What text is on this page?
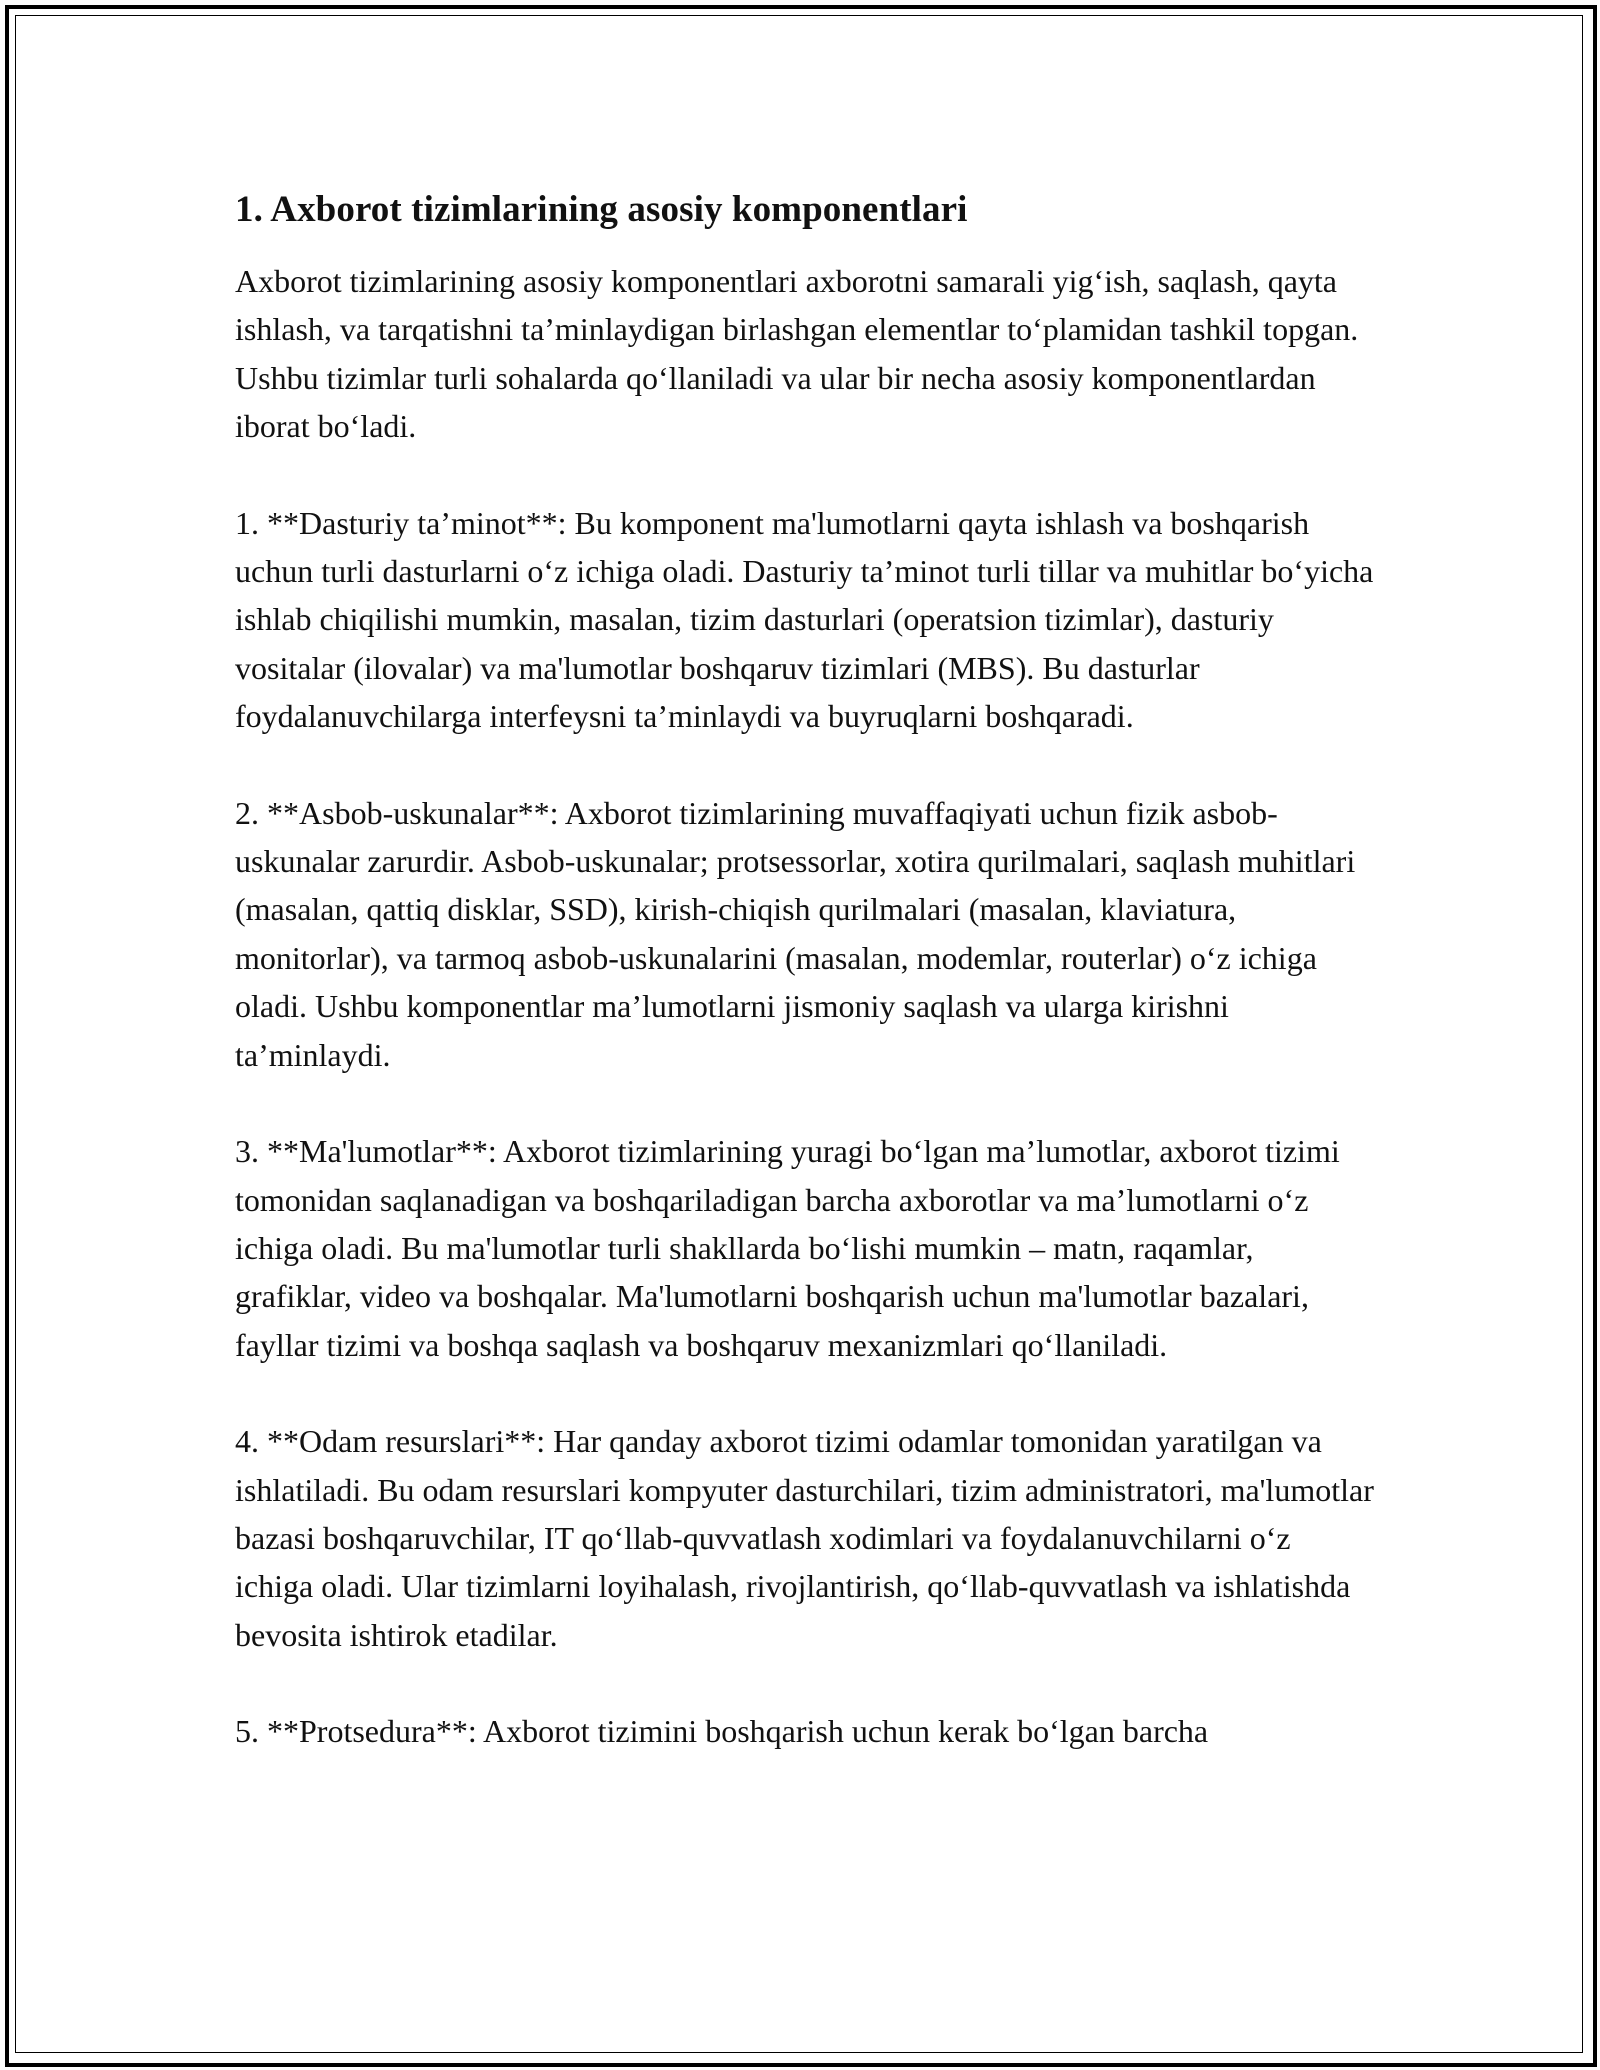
1. Axborot tizimlarining asosiy komponentlari

Axborot tizimlarining asosiy komponentlari axborotni samarali yig‘ish, saqlash, qayta ishlash, va tarqatishni ta’minlaydigan birlashgan elementlar to‘plamidan tashkil topgan. Ushbu tizimlar turli sohalarda qo‘llaniladi va ular bir necha asosiy komponentlardan iborat bo‘ladi.

1. **Dasturiy ta’minot**: Bu komponent ma'lumotlarni qayta ishlash va boshqarish uchun turli dasturlarni o‘z ichiga oladi. Dasturiy ta’minot turli tillar va muhitlar bo‘yicha ishlab chiqilishi mumkin, masalan, tizim dasturlari (operatsion tizimlar), dasturiy vositalar (ilovalar) va ma'lumotlar boshqaruv tizimlari (MBS). Bu dasturlar foydalanuvchilarga interfeysni ta’minlaydi va buyruqlarni boshqaradi.

2. **Asbob-uskunalar**: Axborot tizimlarining muvaffaqiyati uchun fizik asbob-uskunalar zarurdir. Asbob-uskunalar; protsessorlar, xotira qurilmalari, saqlash muhitlari (masalan, qattiq disklar, SSD), kirish-chiqish qurilmalari (masalan, klaviatura, monitorlar), va tarmoq asbob-uskunalarini (masalan, modemlar, routerlar) o‘z ichiga oladi. Ushbu komponentlar ma’lumotlarni jismoniy saqlash va ularga kirishni ta’minlaydi.

3. **Ma'lumotlar**: Axborot tizimlarining yuragi bo‘lgan ma’lumotlar, axborot tizimi tomonidan saqlanadigan va boshqariladigan barcha axborotlar va ma’lumotlarni o‘z ichiga oladi. Bu ma'lumotlar turli shakllarda bo‘lishi mumkin – matn, raqamlar, grafiklar, video va boshqalar. Ma'lumotlarni boshqarish uchun ma'lumotlar bazalari, fayllar tizimi va boshqa saqlash va boshqaruv mexanizmlari qo‘llaniladi.

4. **Odam resurslari**: Har qanday axborot tizimi odamlar tomonidan yaratilgan va ishlatiladi. Bu odam resurslari kompyuter dasturchilari, tizim administratori, ma'lumotlar bazasi boshqaruvchilar, IT qo‘llab-quvvatlash xodimlari va foydalanuvchilarni o‘z ichiga oladi. Ular tizimlarni loyihalash, rivojlantirish, qo‘llab-quvvatlash va ishlatishda bevosita ishtirok etadilar.

5. **Protsedura**: Axborot tizimini boshqarish uchun kerak bo‘lgan barcha
